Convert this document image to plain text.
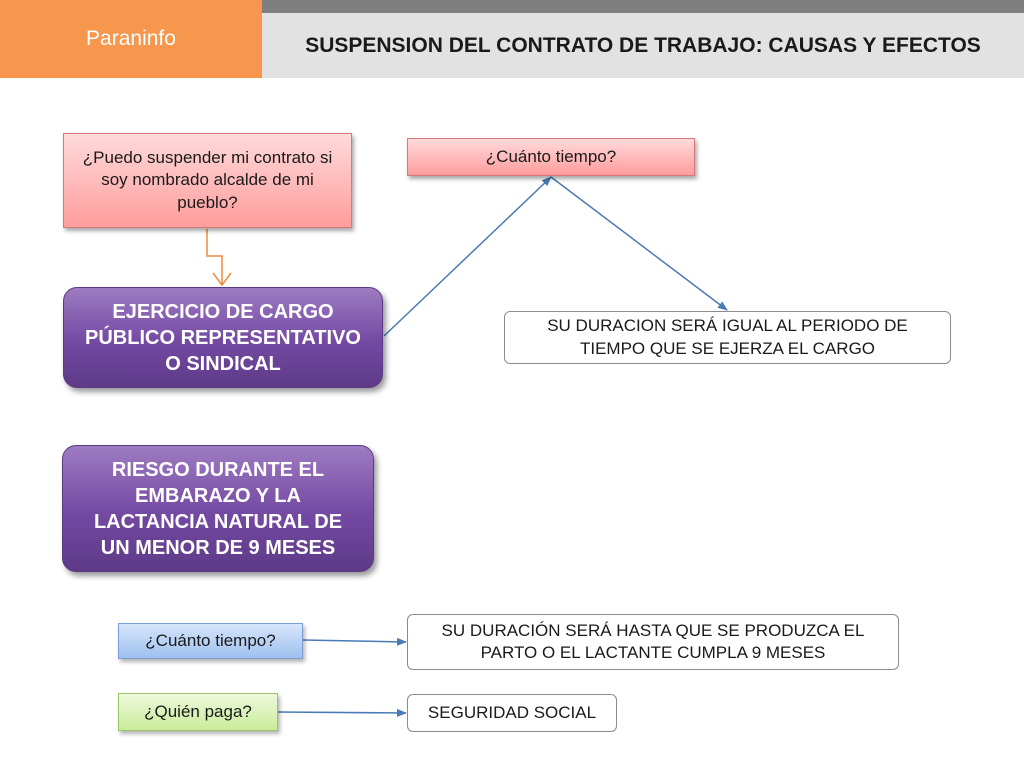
Paraninfo	SUSPENSION DEL CONTRATO DE TRABAJO: CAUSAS Y EFECTOS
¿Puedo suspender mi contrato si soy nombrado alcalde de mi pueblo?
¿Cuánto tiempo?
EJERCICIO DE CARGO PÚBLICO REPRESENTATIVO O SINDICAL
SU DURACION SERÁ IGUAL AL PERIODO DE TIEMPO QUE SE EJERZA EL CARGO
RIESGO DURANTE EL EMBARAZO Y LA LACTANCIA NATURAL DE UN MENOR DE 9 MESES
¿Cuánto tiempo?
SU DURACIÓN SERÁ HASTA QUE SE PRODUZCA EL PARTO O EL LACTANTE CUMPLA 9 MESES
¿Quién paga?	SEGURIDAD SOCIAL
